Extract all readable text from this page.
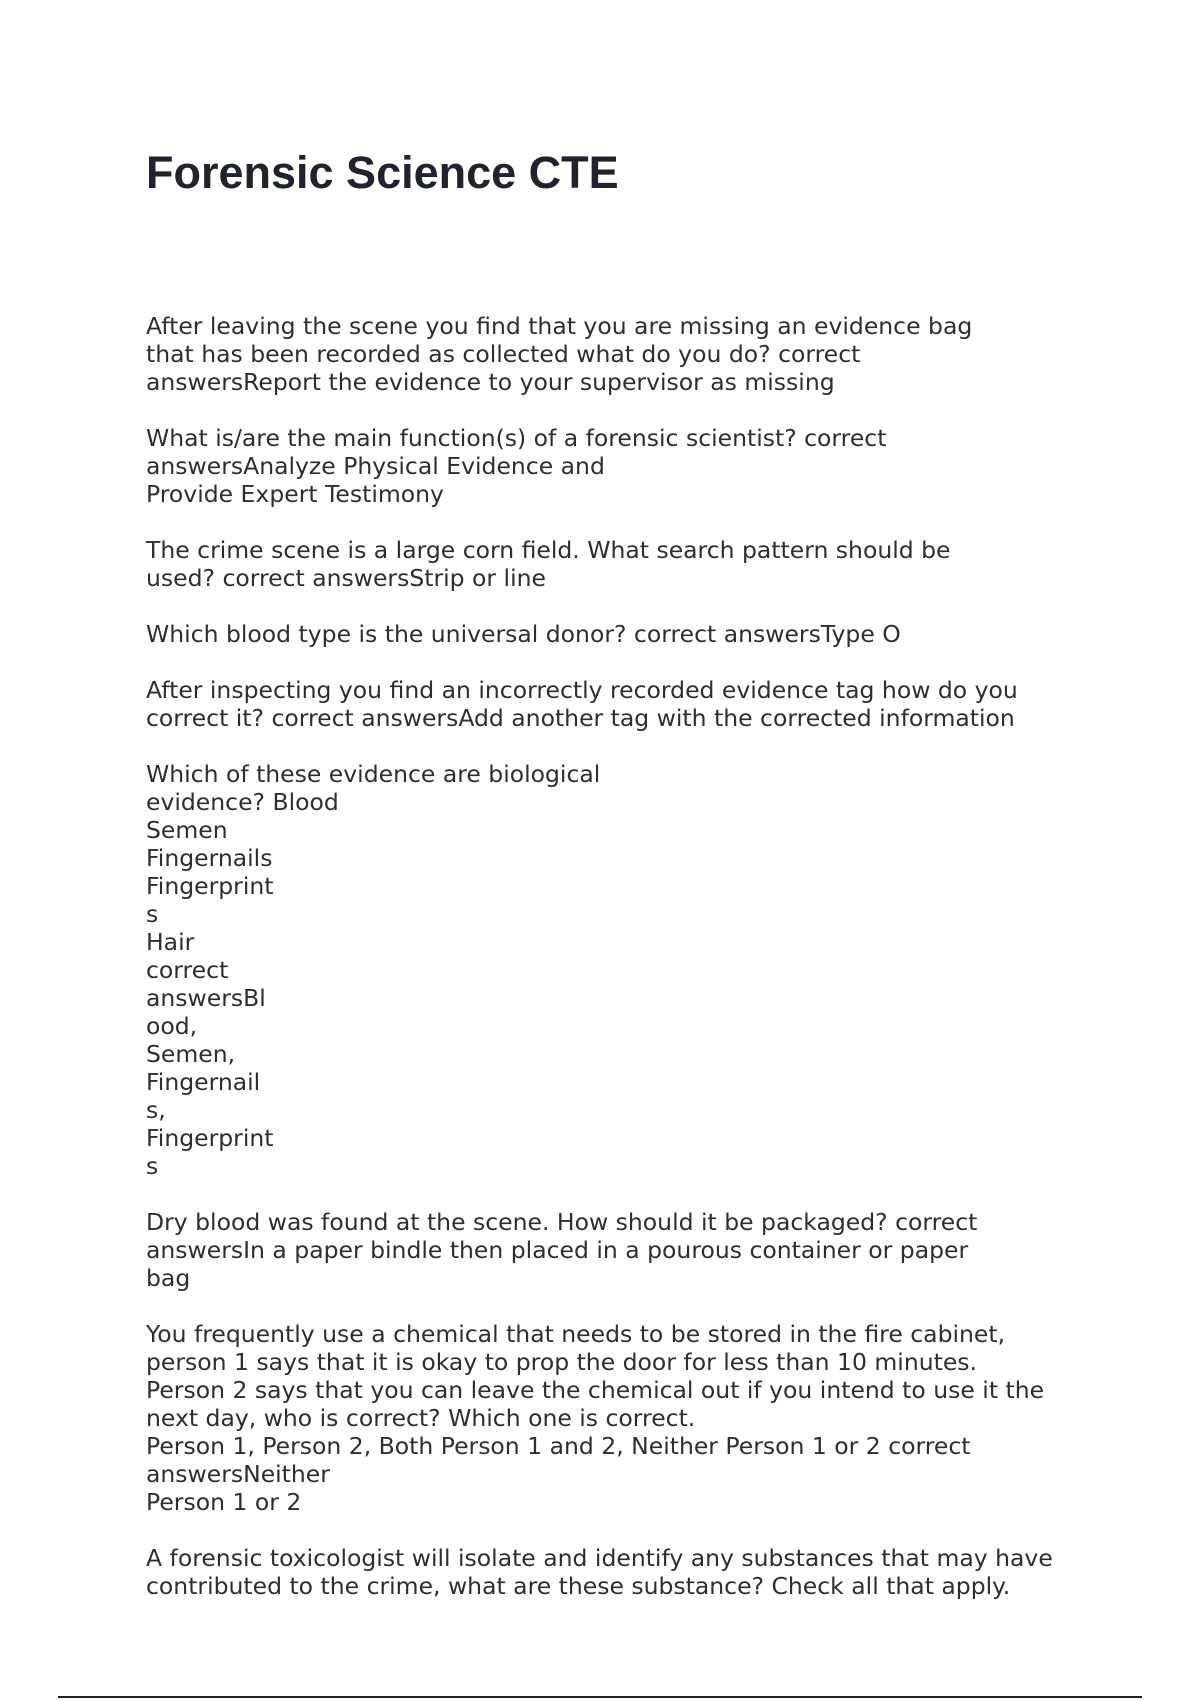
Forensic Science CTE

After leaving the scene you find that you are missing an evidence bag
that has been recorded as collected what do you do? correct
answersReport the evidence to your supervisor as missing

What is/are the main function(s) of a forensic scientist? correct
answersAnalyze Physical Evidence and
Provide Expert Testimony

The crime scene is a large corn field. What search pattern should be
used? correct answersStrip or line

Which blood type is the universal donor? correct answersType O

After inspecting you find an incorrectly recorded evidence tag how do you
correct it? correct answersAdd another tag with the corrected information

Which of these evidence are biological
evidence? Blood
Semen
Fingernails
Fingerprint
s
Hair
correct
answersBl
ood,
Semen,
Fingernail
s,
Fingerprint
s

Dry blood was found at the scene. How should it be packaged? correct
answersIn a paper bindle then placed in a pourous container or paper
bag

You frequently use a chemical that needs to be stored in the fire cabinet,
person 1 says that it is okay to prop the door for less than 10 minutes.
Person 2 says that you can leave the chemical out if you intend to use it the
next day, who is correct? Which one is correct.
Person 1, Person 2, Both Person 1 and 2, Neither Person 1 or 2 correct
answersNeither
Person 1 or 2

A forensic toxicologist will isolate and identify any substances that may have
contributed to the crime, what are these substance? Check all that apply.
